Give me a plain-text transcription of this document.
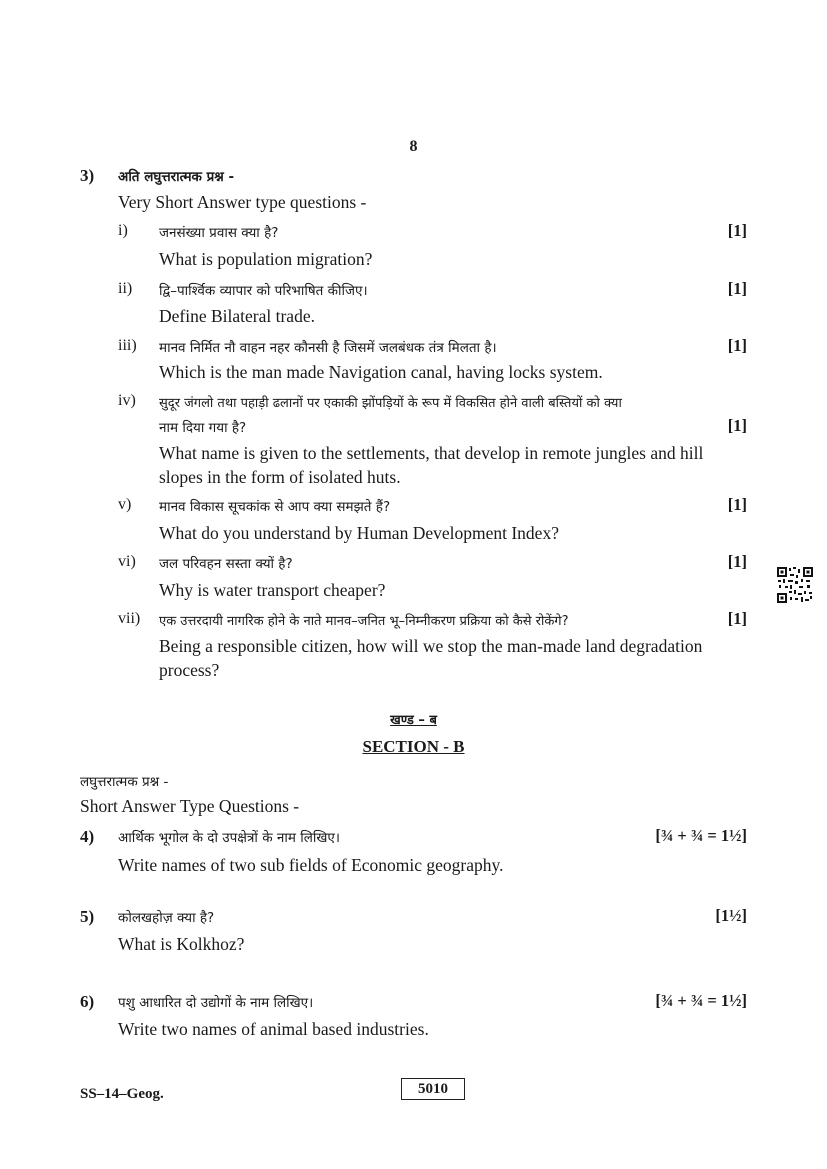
8
3) अति लघुत्तरात्मक प्रश्न -
Very Short Answer type questions -
i) जनसंख्या प्रवास क्या है?	[1]
What is population migration?
ii) द्वि–पार्श्विक व्यापार को परिभाषित कीजिए।	[1]
Define Bilateral trade.
iii) मानव निर्मित नौ वाहन नहर कौनसी है जिसमें जलबंधक तंत्र मिलता है।	[1]
Which is the man made Navigation canal, having locks system.
iv) सुदूर जंगलो तथा पहाड़ी ढलानों पर एकाकी झोंपड़ियों के रूप में विकसित होने वाली बस्तियों को क्या
नाम दिया गया है?	[1]
What name is given to the settlements, that develop in remote jungles and hill
slopes in the form of isolated huts.
v) मानव विकास सूचकांक से आप क्या समझते हैं?	[1]
What do you understand by Human Development Index?
vi) जल परिवहन सस्ता क्यों है?	[1]
Why is water transport cheaper?
vii) एक उत्तरदायी नागरिक होने के नाते मानव–जनित भू–निम्नीकरण प्रक्रिया को कैसे रोकेंगे?	[1]
Being a responsible citizen, how will we stop the man-made land degradation
process?
खण्ड – ब
SECTION - B
लघुत्तरात्मक प्रश्न -
Short Answer Type Questions -
4) आर्थिक भूगोल के दो उपक्षेत्रों के नाम लिखिए।	[¾ + ¾ = 1½]
Write names of two sub fields of Economic geography.
5) कोलखहोज़ क्या है?	[1½]
What is Kolkhoz?
6) पशु आधारित दो उद्योगों के नाम लिखिए।	[¾ + ¾ = 1½]
Write two names of animal based industries.
SS–14–Geog.	5010
